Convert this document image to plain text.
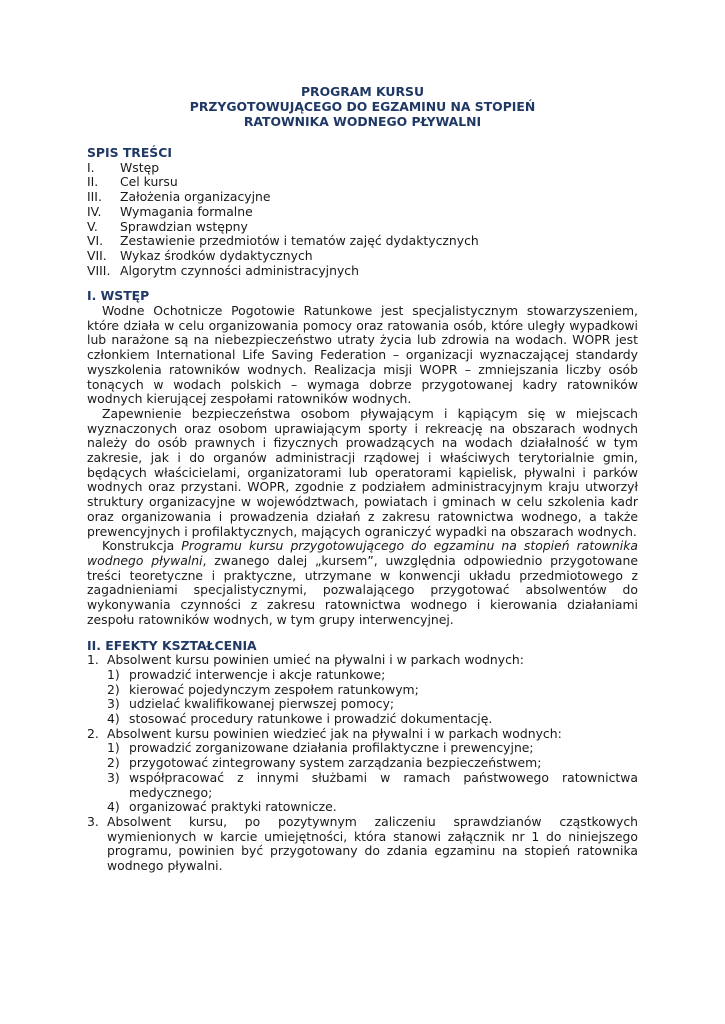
PROGRAM KURSU
PRZYGOTOWUJĄCEGO DO EGZAMINU NA STOPIEŃ
RATOWNIKA WODNEGO PŁYWALNI
SPIS TREŚCI
I.	Wstęp
II.	Cel kursu
III.	Założenia organizacyjne
IV.	Wymagania formalne
V.	Sprawdzian wstępny
VI.	Zestawienie przedmiotów i tematów zajęć dydaktycznych
VII.	Wykaz środków dydaktycznych
VIII. Algorytm czynności administracyjnych
I. WSTĘP

Wodne Ochotnicze Pogotowie Ratunkowe jest specjalistycznym stowarzyszeniem, które działa w celu organizowania pomocy oraz ratowania osób, które uległy wypadkowi lub narażone są na niebezpieczeństwo utraty życia lub zdrowia na wodach. WOPR jest członkiem International Life Saving Federation – organizacji wyznaczającej standardy wyszkolenia ratowników wodnych. Realizacja misji WOPR – zmniejszania liczby osób tonących w wodach polskich – wymaga dobrze przygotowanej kadry ratowników wodnych kierującej zespołami ratowników wodnych.

Zapewnienie bezpieczeństwa osobom pływającym i kąpiącym się w miejscach wyznaczonych oraz osobom uprawiającym sporty i rekreację na obszarach wodnych należy do osób prawnych i fizycznych prowadzących na wodach działalność w tym zakresie, jak i do organów administracji rządowej i właściwych terytorialnie gmin, będących właścicielami, organizatorami lub operatorami kąpielisk, pływalni i parków wodnych oraz przystani. WOPR, zgodnie z podziałem administracyjnym kraju utworzył struktury organizacyjne w województwach, powiatach i gminach w celu szkolenia kadr oraz organizowania i prowadzenia działań z zakresu ratownictwa wodnego, a także prewencyjnych i profilaktycznych, mających ograniczyć wypadki na obszarach wodnych.

Konstrukcja Programu kursu przygotowującego do egzaminu na stopień ratownika wodnego pływalni, zwanego dalej „kursem”, uwzględnia odpowiednio przygotowane treści teoretyczne i praktyczne, utrzymane w konwencji układu przedmiotowego z zagadnieniami specjalistycznymi, pozwalającego przygotować absolwentów do wykonywania czynności z zakresu ratownictwa wodnego i kierowania działaniami zespołu ratowników wodnych, w tym grupy interwencyjnej.

II. EFEKTY KSZTAŁCENIA
1. Absolwent kursu powinien umieć na pływalni i w parkach wodnych:
1) prowadzić interwencje i akcje ratunkowe;
2) kierować pojedynczym zespołem ratunkowym;
3) udzielać kwalifikowanej pierwszej pomocy;
4) stosować procedury ratunkowe i prowadzić dokumentację.
2. Absolwent kursu powinien wiedzieć jak na pływalni i w parkach wodnych:
1) prowadzić zorganizowane działania profilaktyczne i prewencyjne;
2) przygotować zintegrowany system zarządzania bezpieczeństwem;
3) współpracować z innymi służbami w ramach państwowego ratownictwa medycznego;
4) organizować praktyki ratownicze.
3. Absolwent kursu, po pozytywnym zaliczeniu sprawdzianów cząstkowych wymienionych w karcie umiejętności, która stanowi załącznik nr 1 do niniejszego programu, powinien być przygotowany do zdania egzaminu na stopień ratownika wodnego pływalni.
